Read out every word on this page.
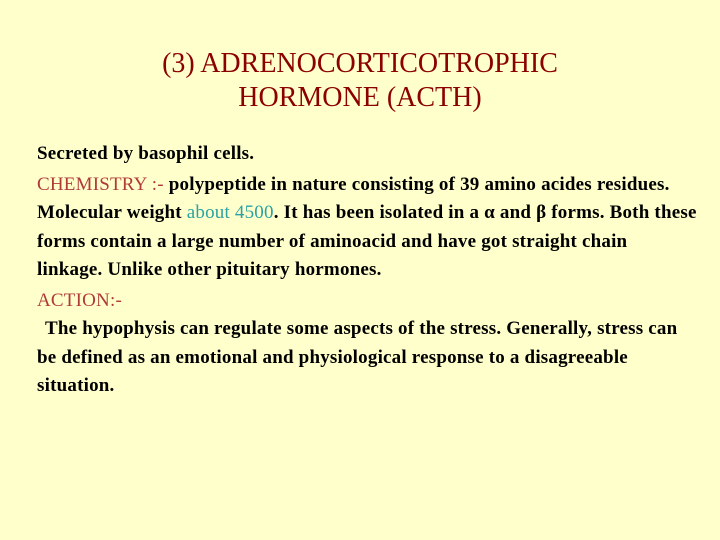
(3) ADRENOCORTICOTROPHIC
HORMONE (ACTH)

Secreted by basophil cells.

CHEMISTRY :- polypeptide in nature consisting of 39 amino acides residues. Molecular weight about 4500. It has been isolated in a α and β forms. Both these forms contain a large number of aminoacid and have got straight chain linkage. Unlike other pituitary hormones.

ACTION:-
The hypophysis can regulate some aspects of the stress. Generally, stress can be defined as an emotional and physiological response to a disagreeable situation.
